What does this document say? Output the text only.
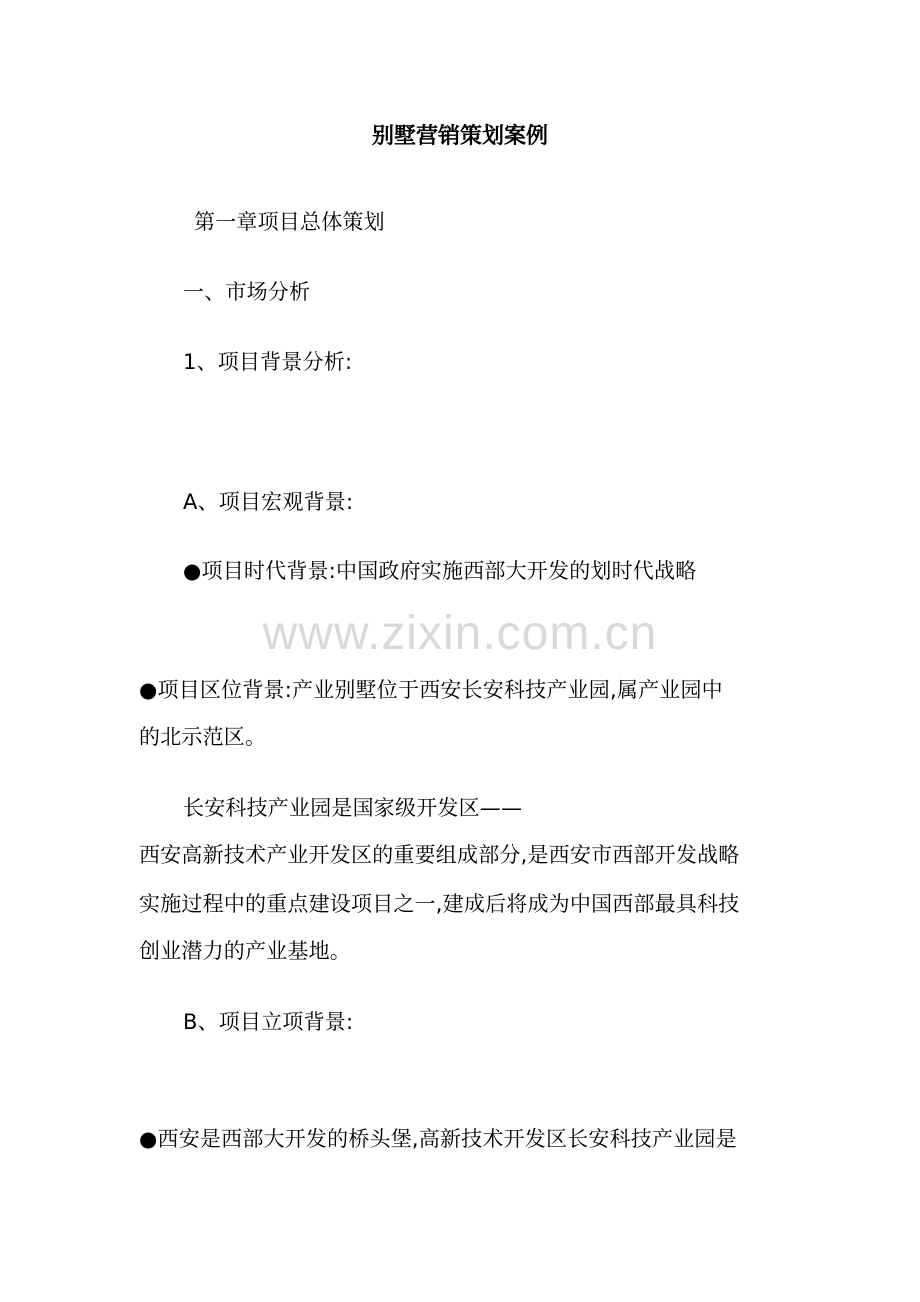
别墅营销策划案例
第一章项目总体策划
一、市场分析
1、项目背景分析:
A、项目宏观背景:
●项目时代背景:中国政府实施西部大开发的划时代战略
www.zixin.com.cn
●项目区位背景:产业别墅位于西安长安科技产业园,属产业园中
的北示范区。
长安科技产业园是国家级开发区——
西安高新技术产业开发区的重要组成部分,是西安市西部开发战略
实施过程中的重点建设项目之一,建成后将成为中国西部最具科技
创业潜力的产业基地。
B、项目立项背景:
●西安是西部大开发的桥头堡,高新技术开发区长安科技产业园是
